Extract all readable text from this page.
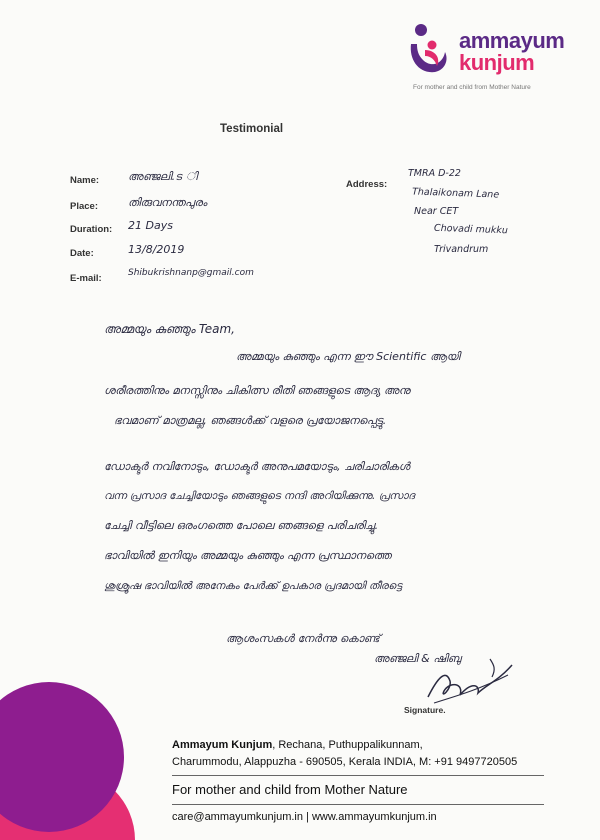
ammayum
kunjum
For mother and child from Mother Nature
Testimonial
Name:	അഞ്ജലി.ട ി
Place:	തിരുവനന്തപുരം
Duration: 21 Days
Date:	13/8/2019
E-mail:	Shibukrishnanp@gmail.com
Address:
TMRA D-22
Thalaikonam Lane
Near CET
Chovadi mukku
Trivandrum
അമ്മയും കുഞ്ഞും Team,
അമ്മയും കുഞ്ഞും എന്ന ഈ Scientific ആയി
ശരീരത്തിനും മനസ്സിനും ചികിത്സ രീതി ഞങ്ങളുടെ ആദ്യ അനു
ഭവമാണ് മാത്രമല്ല, ഞങ്ങൾക്ക് വളരെ പ്രയോജനപ്പെട്ടു.
ഡോക്ടർ നവിനോടും, ഡോക്ടർ അനുപമയോടും, ചരിചാരികൾ
വന്ന പ്രസാദ ചേച്ചിയോടും ഞങ്ങളുടെ നന്ദി അറിയിക്കുന്നു. പ്രസാദ
ചേച്ചി വീട്ടിലെ ഒരംഗത്തെ പോലെ ഞങ്ങളെ പരിചരിച്ചു.
ഭാവിയിൽ ഇനിയും അമ്മയും കുഞ്ഞും എന്ന പ്രസ്ഥാനത്തെ
ശുശ്രൂഷ ഭാവിയിൽ അനേകം പേർക്ക് ഉപകാര പ്രദമായി തീരട്ടെ
ആശംസകൾ നേർന്നു കൊണ്ട്
അഞ്ജലി & ഷിബു
Signature.
Ammayum Kunjum, Rechana, Puthuppalikunnam,
Charummodu, Alappuzha - 690505, Kerala INDIA, M: +91 9497720505
For mother and child from Mother Nature
care@ammayumkunjum.in | www.ammayumkunjum.in
